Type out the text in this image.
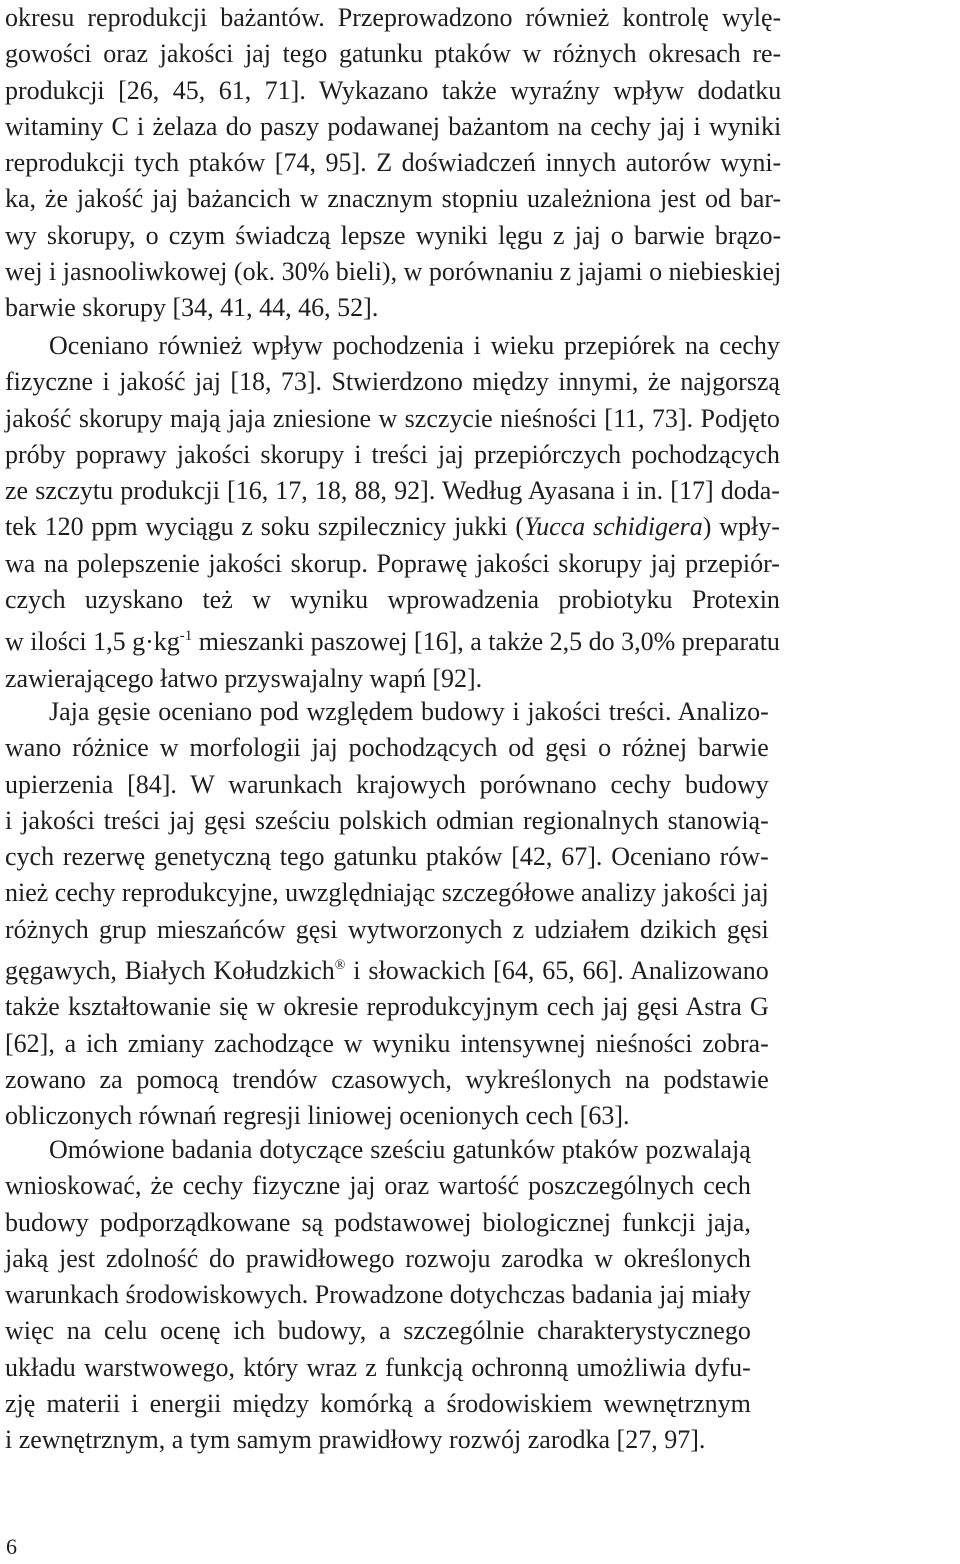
okresu reprodukcji bażantów. Przeprowadzono również kontrolę wylę-
gowości oraz jakości jaj tego gatunku ptaków w różnych okresach re-
produkcji [26, 45, 61, 71]. Wykazano także wyraźny wpływ dodatku
witaminy C i żelaza do paszy podawanej bażantom na cechy jaj i wyniki
reprodukcji tych ptaków [74, 95]. Z doświadczeń innych autorów wyni-
ka, że jakość jaj bażancich w znacznym stopniu uzależniona jest od bar-
wy skorupy, o czym świadczą lepsze wyniki lęgu z jaj o barwie brązo-
wej i jasnooliwkowej (ok. 30% bieli), w porównaniu z jajami o niebieskiej
barwie skorupy [34, 41, 44, 46, 52].

Oceniano również wpływ pochodzenia i wieku przepiórek na cechy
fizyczne i jakość jaj [18, 73]. Stwierdzono między innymi, że najgorszą
jakość skorupy mają jaja zniesione w szczycie nieśności [11, 73]. Podjęto
próby poprawy jakości skorupy i treści jaj przepiórczych pochodzących
ze szczytu produkcji [16, 17, 18, 88, 92]. Według Ayasana i in. [17] doda-
tek 120 ppm wyciągu z soku szpilecznicy jukki (Yucca schidigera) wpły-
wa na polepszenie jakości skorup. Poprawę jakości skorupy jaj przepiór-
czych uzyskano też w wyniku wprowadzenia probiotyku Protexin
w ilości 1,5 $g\cdot kg^{-1}$ mieszanki paszowej [16], a także 2,5 do 3,0% preparatu
zawierającego łatwo przyswajalny wapń [92].

Jaja gęsie oceniano pod względem budowy i jakości treści. Analizo-
wano różnice w morfologii jaj pochodzących od gęsi o różnej barwie
upierzenia [84]. W warunkach krajowych porównano cechy budowy
i jakości treści jaj gęsi sześciu polskich odmian regionalnych stanowią-
cych rezerwę genetyczną tego gatunku ptaków [42, 67]. Oceniano rów-
nież cechy reprodukcyjne, uwzględniając szczegółowe analizy jakości jaj
różnych grup mieszańców gęsi wytworzonych z udziałem dzikich gęsi
gęgawych, Białych Kołudzkich® i słowackich [64, 65, 66]. Analizowano
także kształtowanie się w okresie reprodukcyjnym cech jaj gęsi Astra G
[62], a ich zmiany zachodzące w wyniku intensywnej nieśności zobra-
zowano za pomocą trendów czasowych, wykreślonych na podstawie
obliczonych równań regresji liniowej ocenionych cech [63].

Omówione badania dotyczące sześciu gatunków ptaków pozwalają
wnioskować, że cechy fizyczne jaj oraz wartość poszczególnych cech
budowy podporządkowane są podstawowej biologicznej funkcji jaja,
jaką jest zdolność do prawidłowego rozwoju zarodka w określonych
warunkach środowiskowych. Prowadzone dotychczas badania jaj miały
więc na celu ocenę ich budowy, a szczególnie charakterystycznego
układu warstwowego, który wraz z funkcją ochronną umożliwia dyfu-
zję materii i energii między komórką a środowiskiem wewnętrznym
i zewnętrznym, a tym samym prawidłowy rozwój zarodka [27, 97].

6
